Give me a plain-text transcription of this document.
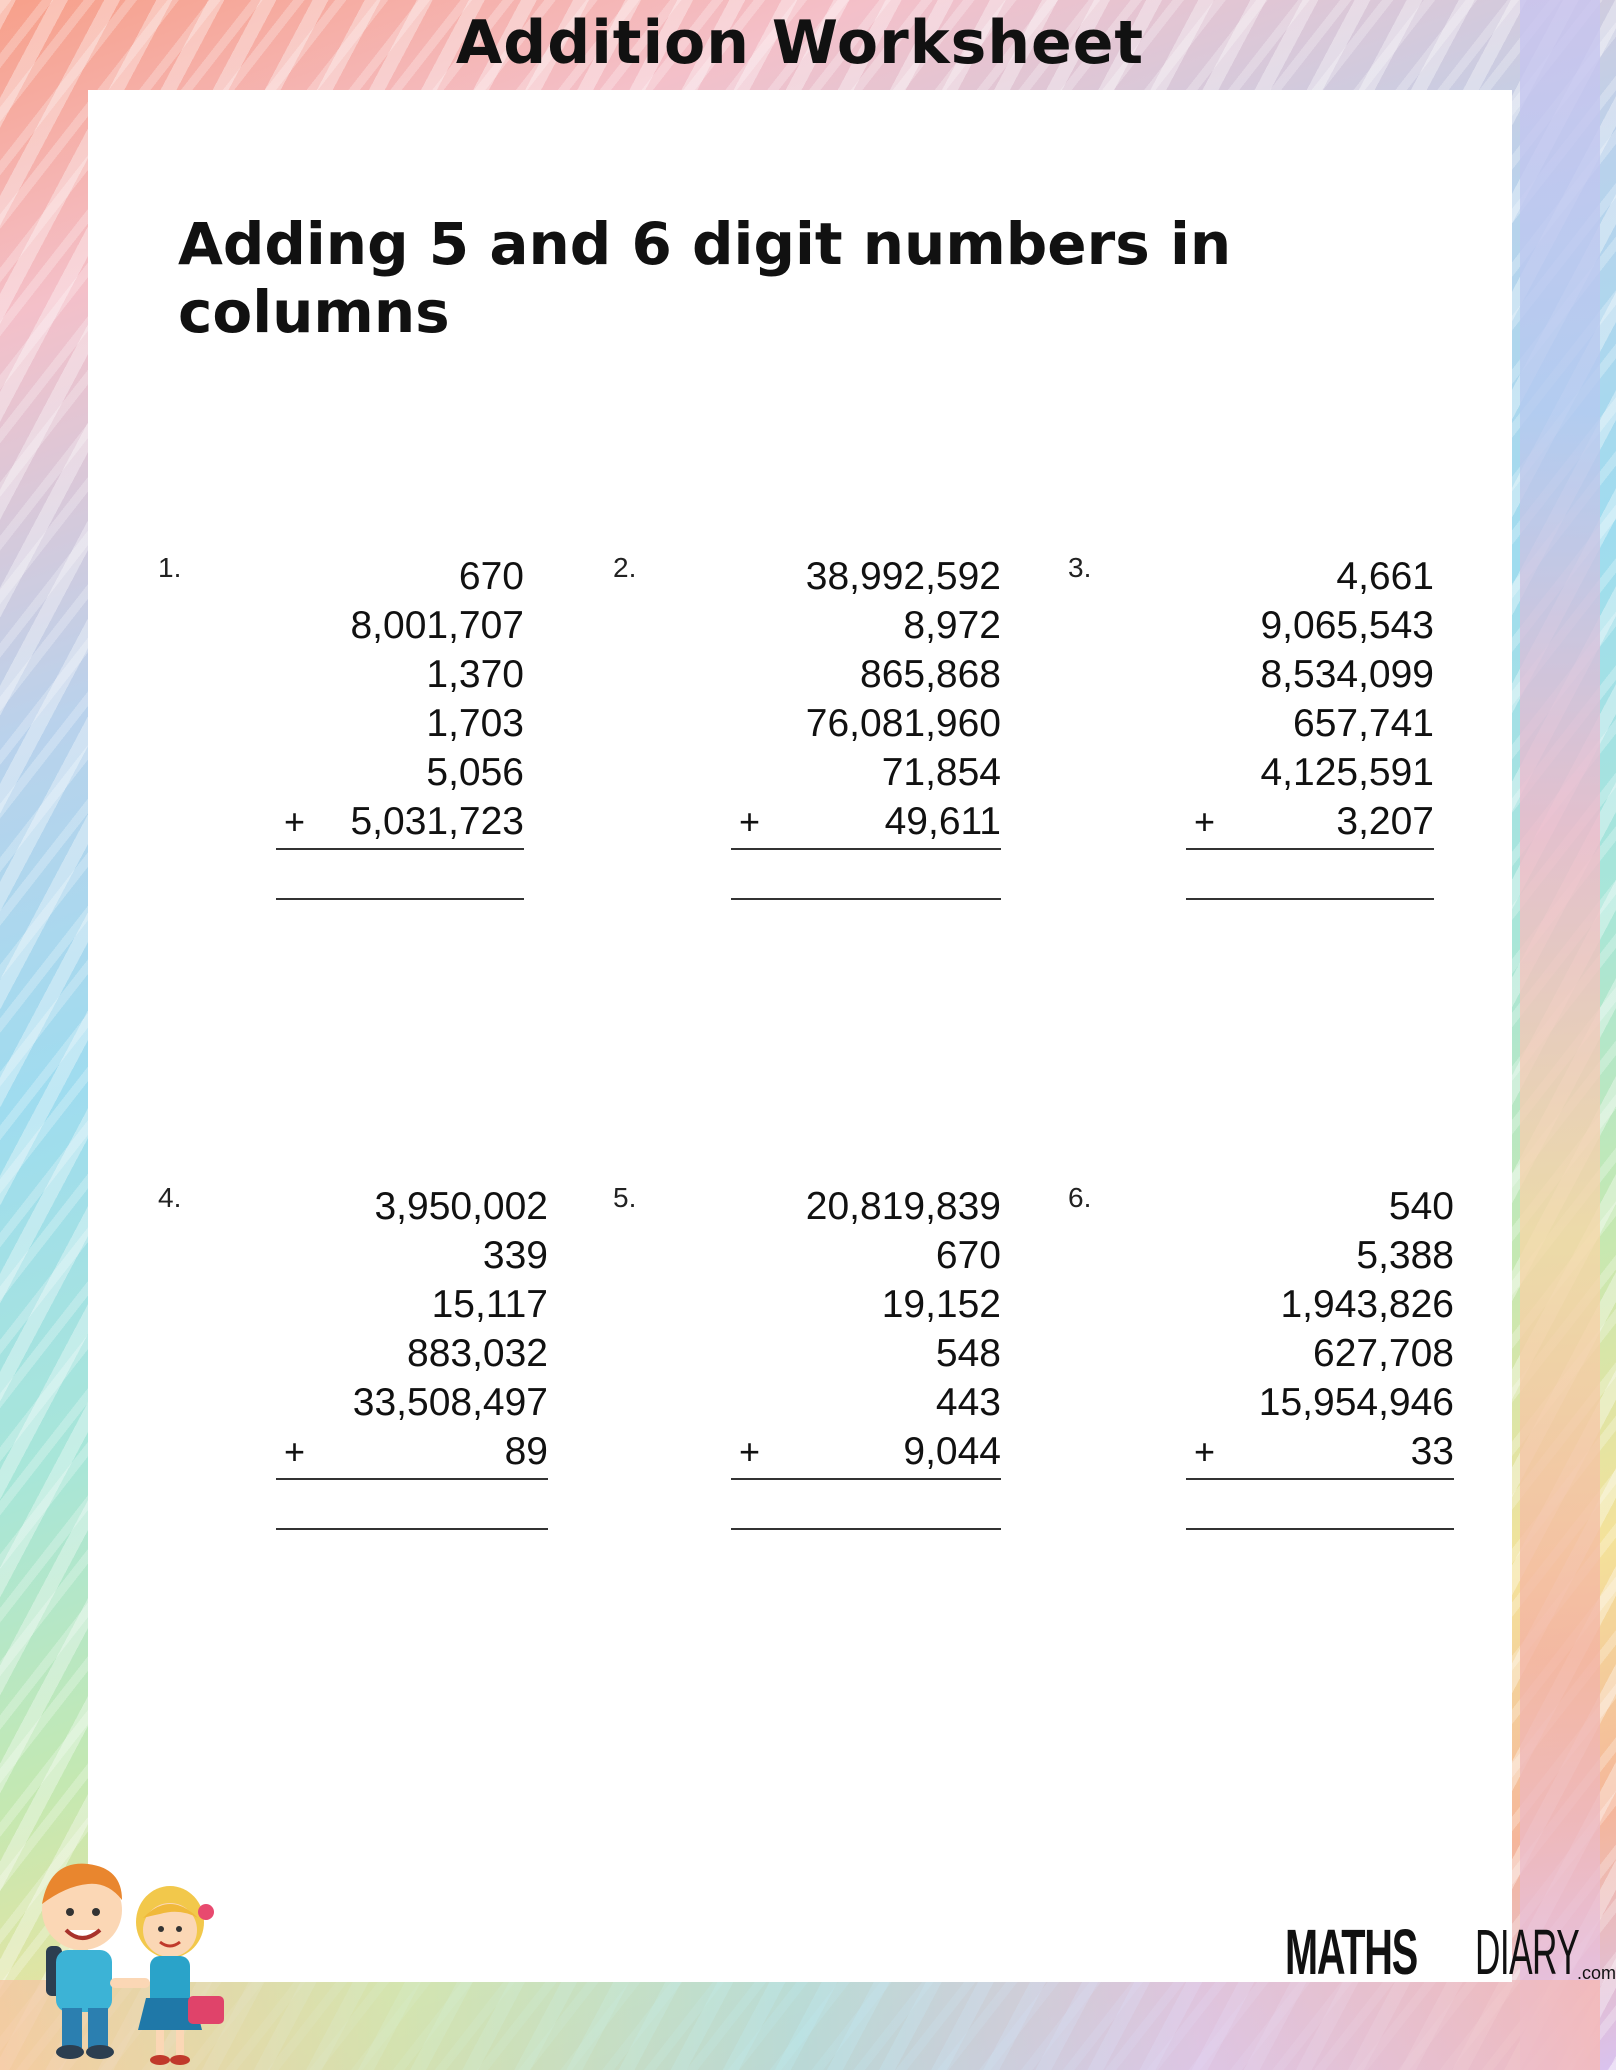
Addition Worksheet
Adding 5 and 6 digit numbers in columns
1.	670
8,001,707
1,370
1,703
5,056
5,031,723
+
2.	38,992,592
8,972
865,868
76,081,960
71,854
49,611
+
3.	4,661
9,065,543
8,534,099
657,741
4,125,591
3,207
+
4.	3,950,002
339
15,117
883,032
33,508,497
89
+
5.	20,819,839
670
19,152
548
443
9,044
+
6.	540
5,388
1,943,826
627,708
15,954,946
33
+
MATHS DIARY
.com
